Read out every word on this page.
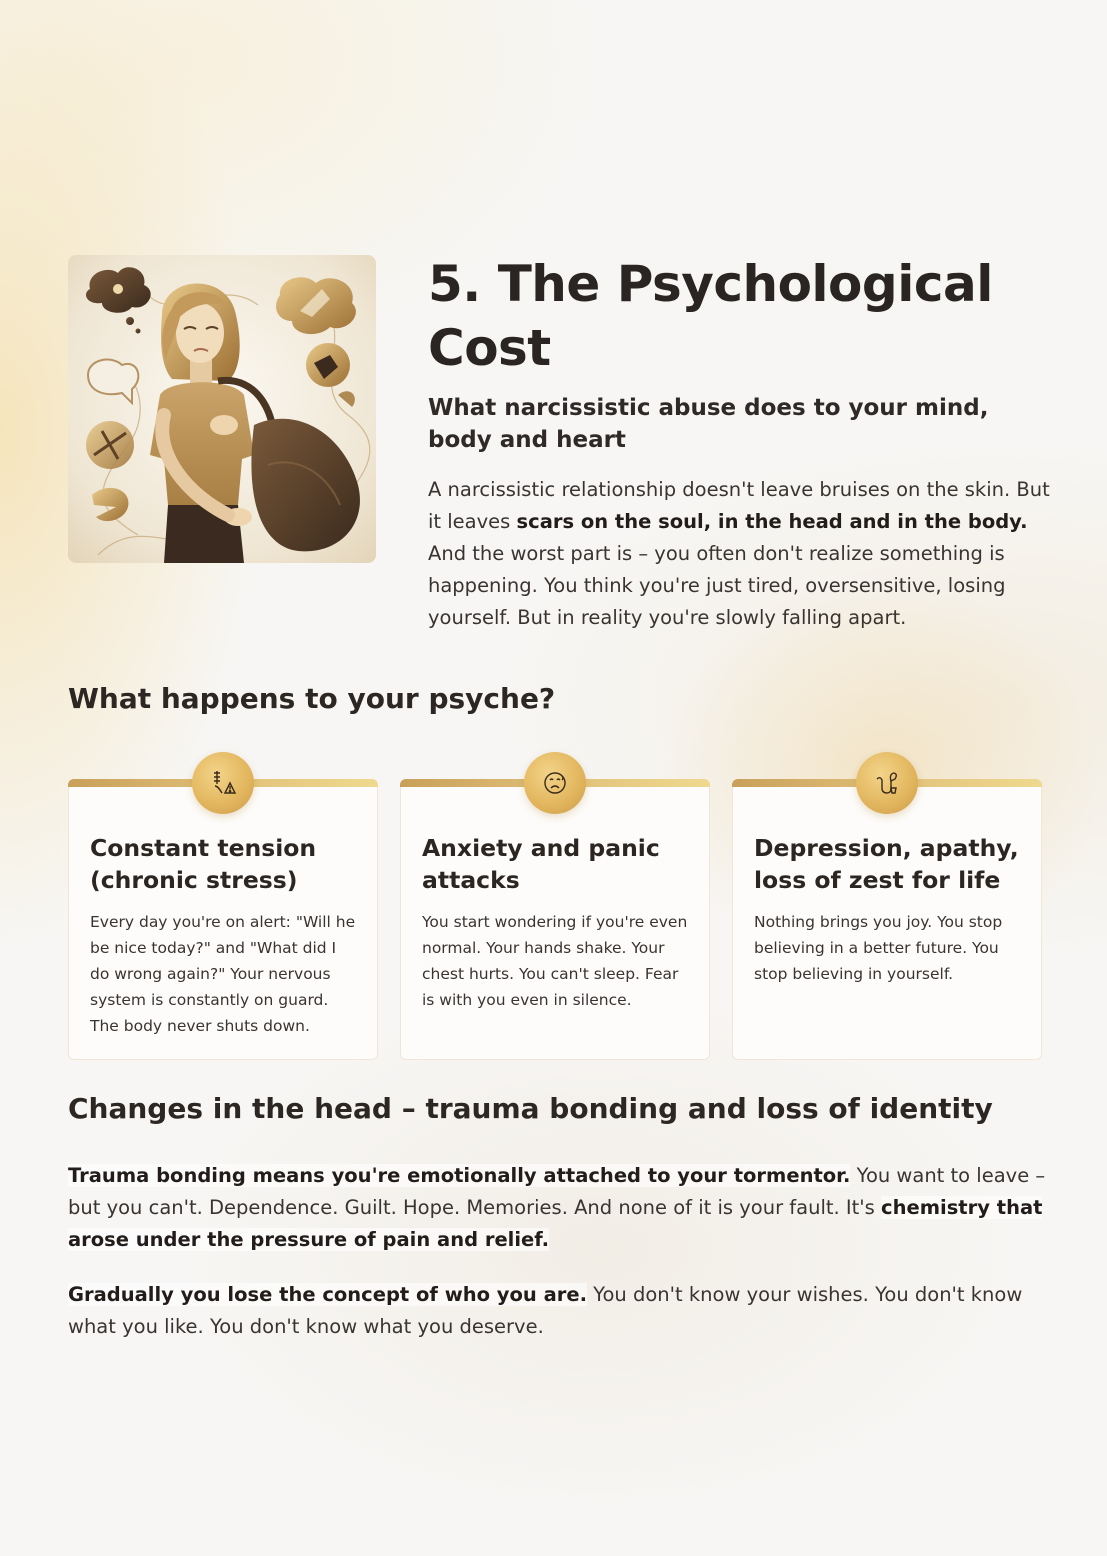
5. The Psychological Cost
What narcissistic abuse does to your mind, body and heart

A narcissistic relationship doesn't leave bruises on the skin. But it leaves scars on the soul, in the head and in the body. And the worst part is – you often don't realize something is happening. You think you're just tired, oversensitive, losing yourself. But in reality you're slowly falling apart.

What happens to your psyche?
Constant tension (chronic stress)
Every day you're on alert: "Will he be nice today?" and "What did I do wrong again?" Your nervous system is constantly on guard. The body never shuts down.
Anxiety and panic attacks
You start wondering if you're even normal. Your hands shake. Your chest hurts. You can't sleep. Fear is with you even in silence.
Depression, apathy, loss of zest for life
Nothing brings you joy. You stop believing in a better future. You stop believing in yourself.
Changes in the head – trauma bonding and loss of identity

Trauma bonding means you're emotionally attached to your tormentor. You want to leave – but you can't. Dependence. Guilt. Hope. Memories. And none of it is your fault. It's chemistry that arose under the pressure of pain and relief.

Gradually you lose the concept of who you are. You don't know your wishes. You don't know what you like. You don't know what you deserve.
